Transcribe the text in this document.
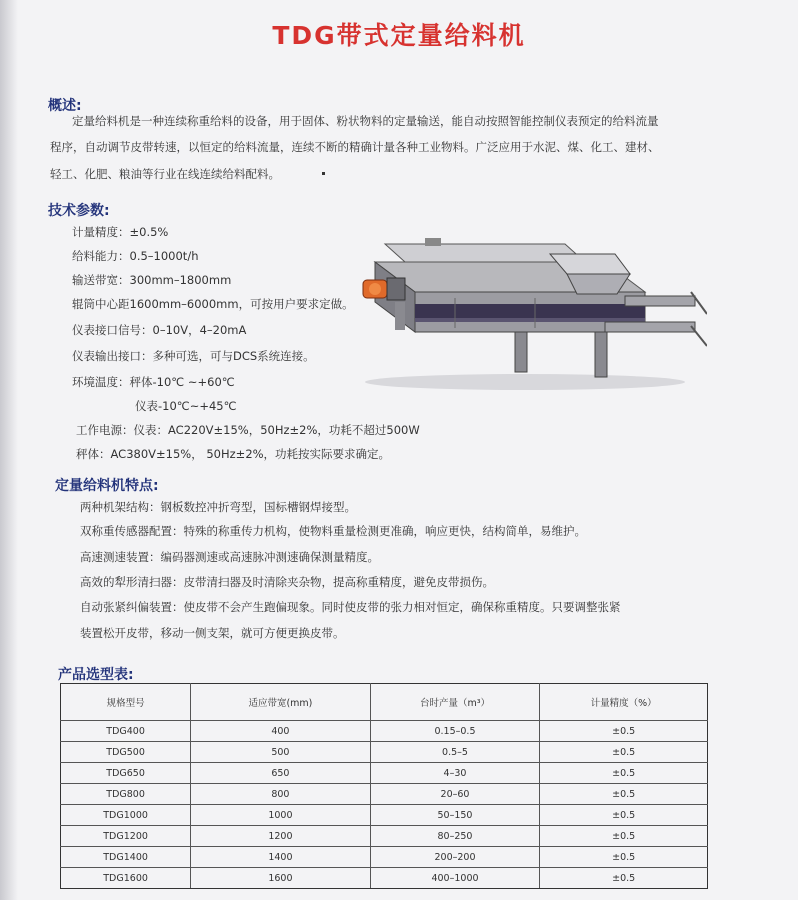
TDG带式定量给料机
概述:
定量给料机是一种连续称重给料的设备，用于固体、粉状物料的定量输送，能自动按照智能控制仪表预定的给料流量
程序，自动调节皮带转速，以恒定的给料流量，连续不断的精确计量各种工业物料。广泛应用于水泥、煤、化工、建材、
轻工、化肥、粮油等行业在线连续给料配料。
技术参数:
计量精度：±0.5%
给料能力：0.5–1000t/h
输送带宽：300mm–1800mm
辊筒中心距1600mm–6000mm，可按用户要求定做。
仪表接口信号：0–10V，4–20mA
仪表输出接口：多种可选，可与DCS系统连接。
环境温度：秤体-10℃ ~+60℃
仪表-10℃~+45℃
工作电源：仪表：AC220V±15%，50Hz±2%，功耗不超过500W
秤体：AC380V±15%， 50Hz±2%，功耗按实际要求确定。
定量给料机特点:
两种机架结构：钢板数控冲折弯型，国标槽钢焊接型。
双称重传感器配置：特殊的称重传力机构，使物料重量检测更准确，响应更快，结构简单，易维护。
高速测速装置：编码器测速或高速脉冲测速确保测量精度。
高效的犁形清扫器：皮带清扫器及时清除夹杂物，提高称重精度，避免皮带损伤。
自动张紧纠偏装置：使皮带不会产生跑偏现象。同时使皮带的张力相对恒定，确保称重精度。只要调整张紧
装置松开皮带，移动一侧支架，就可方便更换皮带。
产品选型表:
规格型号	适应带宽(mm)	台时产量（m³）	计量精度（%）
TDG400	400	0.15–0.5	±0.5
TDG500	500	0.5–5	±0.5
TDG650	650	4–30	±0.5
TDG800	800	20–60	±0.5
TDG1000	1000	50–150	±0.5
TDG1200	1200	80–250	±0.5
TDG1400	1400	200–200	±0.5
TDG1600	1600	400–1000	±0.5
